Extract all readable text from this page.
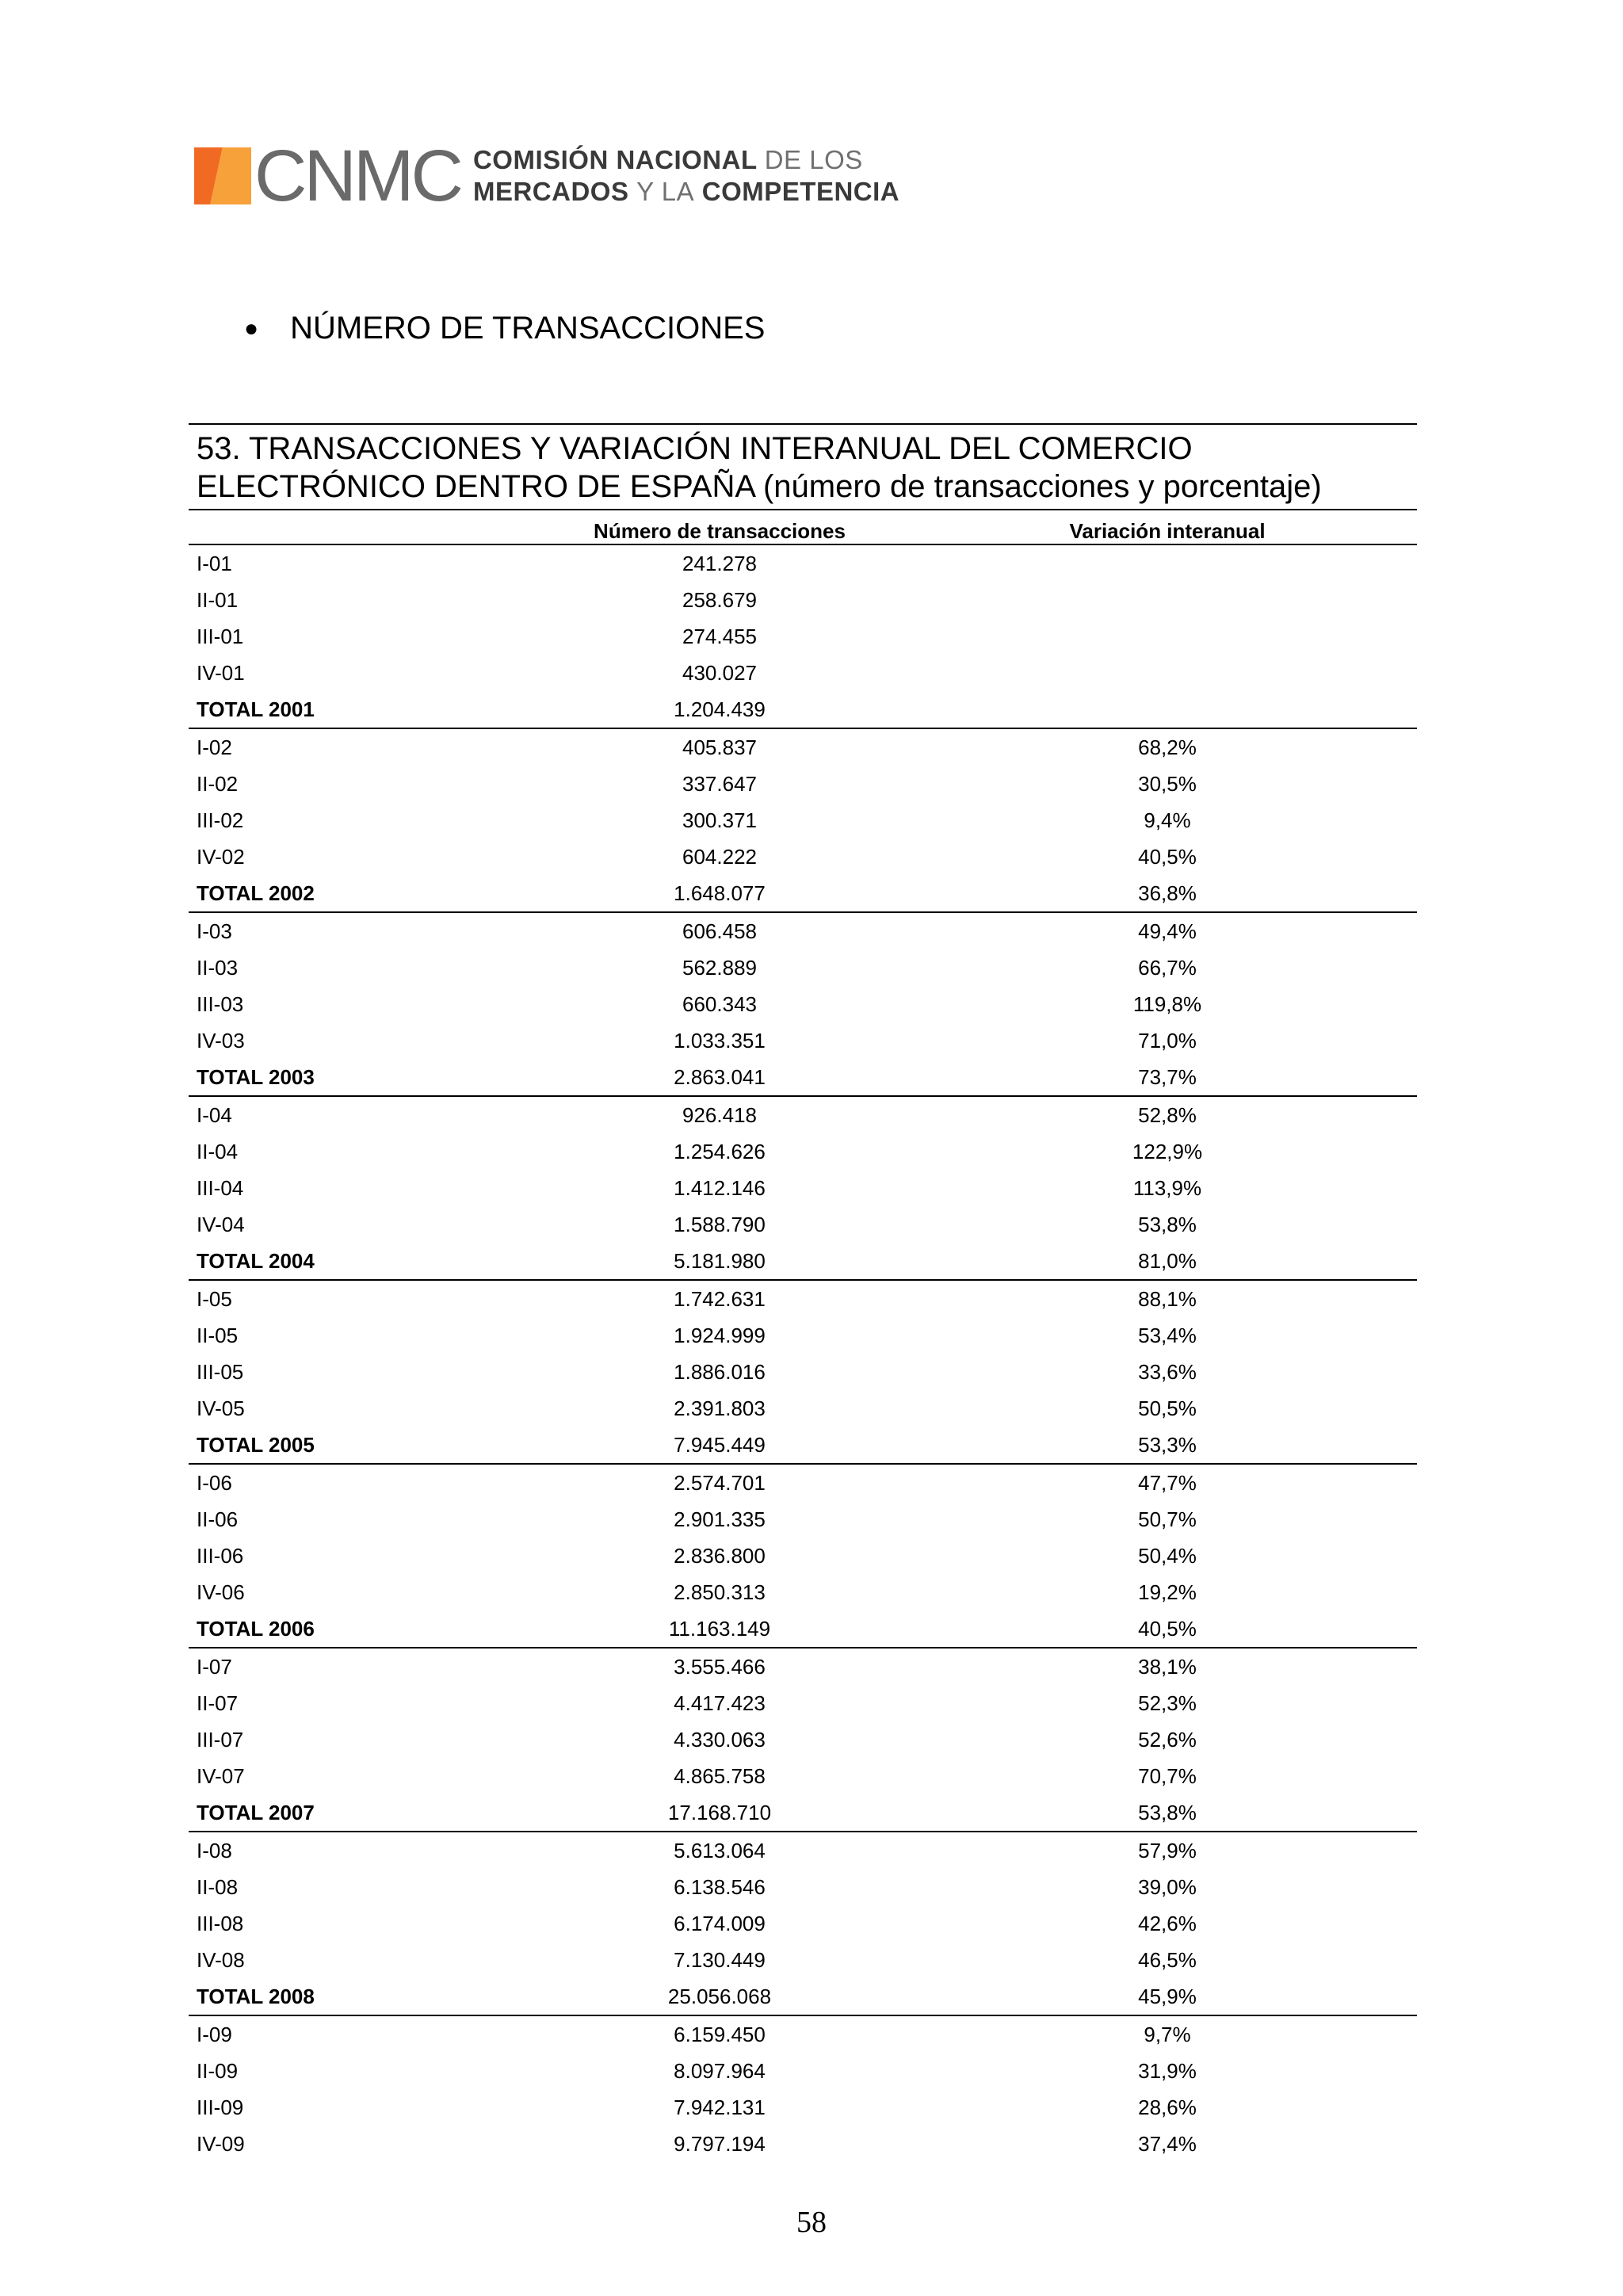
CNMC COMISIÓN NACIONAL DE LOS
MERCADOS Y LA COMPETENCIA
● NÚMERO DE TRANSACCIONES
53. TRANSACCIONES Y VARIACIÓN INTERANUAL DEL COMERCIO
ELECTRÓNICO DENTRO DE ESPAÑA (número de transacciones y porcentaje)
	Número de transacciones	Variación interanual
I-01	241.278	
II-01	258.679	
III-01	274.455	
IV-01	430.027	
TOTAL 2001	1.204.439	
I-02	405.837	68,2%
II-02	337.647	30,5%
III-02	300.371	9,4%
IV-02	604.222	40,5%
TOTAL 2002	1.648.077	36,8%
I-03	606.458	49,4%
II-03	562.889	66,7%
III-03	660.343	119,8%
IV-03	1.033.351	71,0%
TOTAL 2003	2.863.041	73,7%
I-04	926.418	52,8%
II-04	1.254.626	122,9%
III-04	1.412.146	113,9%
IV-04	1.588.790	53,8%
TOTAL 2004	5.181.980	81,0%
I-05	1.742.631	88,1%
II-05	1.924.999	53,4%
III-05	1.886.016	33,6%
IV-05	2.391.803	50,5%
TOTAL 2005	7.945.449	53,3%
I-06	2.574.701	47,7%
II-06	2.901.335	50,7%
III-06	2.836.800	50,4%
IV-06	2.850.313	19,2%
TOTAL 2006	11.163.149	40,5%
I-07	3.555.466	38,1%
II-07	4.417.423	52,3%
III-07	4.330.063	52,6%
IV-07	4.865.758	70,7%
TOTAL 2007	17.168.710	53,8%
I-08	5.613.064	57,9%
II-08	6.138.546	39,0%
III-08	6.174.009	42,6%
IV-08	7.130.449	46,5%
TOTAL 2008	25.056.068	45,9%
I-09	6.159.450	9,7%
II-09	8.097.964	31,9%
III-09	7.942.131	28,6%
IV-09	9.797.194	37,4%
58
